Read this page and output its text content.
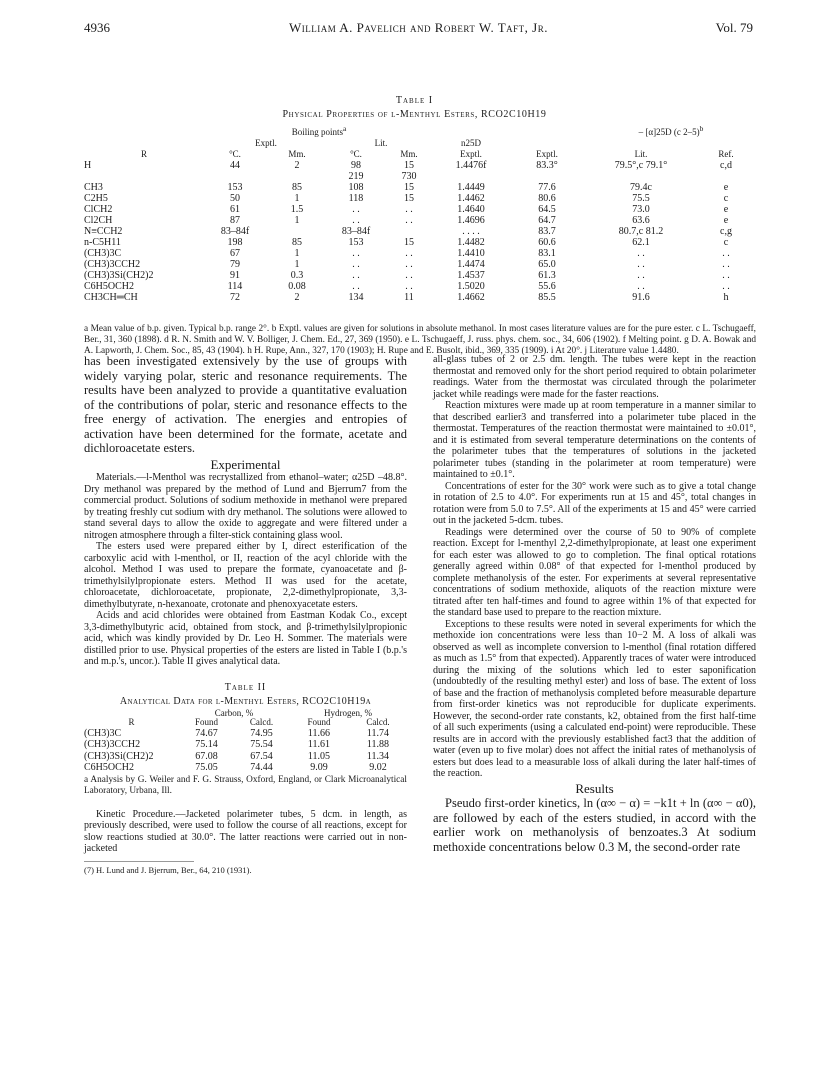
4936	William A. Pavelich and Robert W. Taft, Jr.	Vol. 79
Table I
Physical Properties of l-Menthyl Esters, RCO2C10H19
	Boiling points$^a$						– [α]25D (c 2–5)$^b$
	Exptl.		Lit.		n25D			
R	°C.	Mm.	°C.	Mm.	Exptl.	Exptl.	Lit.	Ref.
H	44	2	98	15	1.4476f	83.3°	79.5°,c 79.1°	c,d
			219	730				
CH3	153	85	108	15	1.4449	77.6	79.4c	e
C2H5	50	1	118	15	1.4462	80.6	75.5	c
ClCH2	61	1.5	. .	. .	1.4640	64.5	73.0	e
Cl2CH	87	1	. .	. .	1.4696	64.7	63.6	e
N≡CCH2	83–84f		83–84f		. . . .	83.7	80.7,c 81.2	c,g
n-C5H11	198	85	153	15	1.4482	60.6	62.1	c
(CH3)3C	67	1	. .	. .	1.4410	83.1	. .	. .
(CH3)3CCH2	79	1	. .	. .	1.4474	65.0	. .	. .
(CH3)3Si(CH2)2	91	0.3	. .	. .	1.4537	61.3	. .	. .
C6H5OCH2	114	0.08	. .	. .	1.5020	55.6	. .	. .
CH3CH═CH	72	2	134	11	1.4662	85.5	91.6	h
a Mean value of b.p. given. Typical b.p. range 2°. b Exptl. values are given for solutions in absolute methanol. In most cases literature values are for the pure ester. c L. Tschugaeff, Ber., 31, 360 (1898). d R. N. Smith and W. V. Bolliger, J. Chem. Ed., 27, 369 (1950). e L. Tschugaeff, J. russ. phys. chem. soc., 34, 606 (1902). f Melting point. g D. A. Bowak and A. Lapworth, J. Chem. Soc., 85, 43 (1904). h H. Rupe, Ann., 327, 170 (1903); H. Rupe and E. Busolt, ibid., 369, 335 (1909). i At 20°. j Literature value 1.4480.

has been investigated extensively by the use of groups with widely varying polar, steric and resonance requirements. The results have been analyzed to provide a quantitative evaluation of the contributions of polar, steric and resonance effects to the free energy of activation. The energies and entropies of activation have been determined for the formate, acetate and dichloroacetate esters.

Experimental

Materials.—l-Menthol was recrystallized from ethanol–water; α25D –48.8°. Dry methanol was prepared by the method of Lund and Bjerrum7 from the commercial product. Solutions of sodium methoxide in methanol were prepared by treating freshly cut sodium with dry methanol. The solutions were allowed to stand several days to allow the oxide to aggregate and were filtered under a nitrogen atmosphere through a filter-stick containing glass wool.

The esters used were prepared either by I, direct esterification of the carboxylic acid with l-menthol, or II, reaction of the acyl chloride with the alcohol. Method I was used to prepare the formate, cyanoacetate and β-trimethylsilylpropionate esters. Method II was used for the acetate, chloroacetate, dichloroacetate, propionate, 2,2-dimethylpropionate, 3,3-dimethylbutyrate, n-hexanoate, crotonate and phenoxyacetate esters.

Acids and acid chlorides were obtained from Eastman Kodak Co., except 3,3-dimethylbutyric acid, obtained from stock, and β-trimethylsilylpropionic acid, which was kindly provided by Dr. Leo H. Sommer. The materials were distilled prior to use. Physical properties of the esters are listed in Table I (b.p.'s and m.p.'s, uncor.). Table II gives analytical data.

Table II
Analytical Data for l-Menthyl Esters, RCO2C10H19a
	Carbon, %		Hydrogen, %	
R	Found	Calcd.	Found	Calcd.
(CH3)3C	74.67	74.95	11.66	11.74
(CH3)3CCH2	75.14	75.54	11.61	11.88
(CH3)3Si(CH2)2	67.08	67.54	11.05	11.34
C6H5OCH2	75.05	74.44	9.09	9.02
a Analysis by G. Weiler and F. G. Strauss, Oxford, England, or Clark Microanalytical Laboratory, Urbana, Ill.

Kinetic Procedure.—Jacketed polarimeter tubes, 5 dcm. in length, as previously described, were used to follow the course of all reactions, except for slow reactions studied at 30.0°. The latter reactions were carried out in non-jacketed

(7) H. Lund and J. Bjerrum, Ber., 64, 210 (1931).

all-glass tubes of 2 or 2.5 dm. length. The tubes were kept in the reaction thermostat and removed only for the short period required to obtain polarimeter readings. Water from the thermostat was circulated through the polarimeter jacket while readings were made for the faster reactions.

Reaction mixtures were made up at room temperature in a manner similar to that described earlier3 and transferred into a polarimeter tube placed in the thermostat. Temperatures of the reaction thermostat were maintained to ±0.01°, and it is estimated from several temperature determinations on the contents of the polarimeter tubes that the temperatures of solutions in the jacketed polarimeter tubes (standing in the polarimeter at room temperature) were maintained to ±0.1°.

Concentrations of ester for the 30° work were such as to give a total change in rotation of 2.5 to 4.0°. For experiments run at 15 and 45°, total changes in rotation were from 5.0 to 7.5°. All of the experiments at 15 and 45° were carried out in the jacketed 5-dcm. tubes.

Readings were determined over the course of 50 to 90% of complete reaction. Except for l-menthyl 2,2-dimethylpropionate, at least one experiment for each ester was allowed to go to completion. The final optical rotations generally agreed within 0.08° of that expected for l-menthol produced by complete methanolysis of the ester. For experiments at several representative concentrations of sodium methoxide, aliquots of the reaction mixture were titrated after ten half-times and found to agree within 1% of that expected for the standard base used to prepare to the reaction mixture.

Exceptions to these results were noted in several experiments for which the methoxide ion concentrations were less than 10−2 M. A loss of alkali was observed as well as incomplete conversion to l-menthol (final rotation differed as much as 1.5° from that expected). Apparently traces of water were introduced during the mixing of the solutions which led to ester saponification (undoubtedly of the resulting methyl ester) and loss of base. The extent of loss of base and the fraction of methanolysis completed before measurable departure from first-order kinetics was not reproducible for duplicate experiments. However, the second-order rate constants, k2, obtained from the first half-time of all such experiments (using a calculated end-point) were reproducible. These results are in accord with the previously established fact3 that the addition of water (even up to five molar) does not affect the initial rates of methanolysis of esters but does lead to a measurable loss of alkali during the later half-times of the reaction.

Results

Pseudo first-order kinetics, ln (α∞ − α) = −k1t + ln (α∞ − α0), are followed by each of the esters studied, in accord with the earlier work on methanolysis of benzoates.3 At sodium methoxide concentrations below 0.3 M, the second-order rate
